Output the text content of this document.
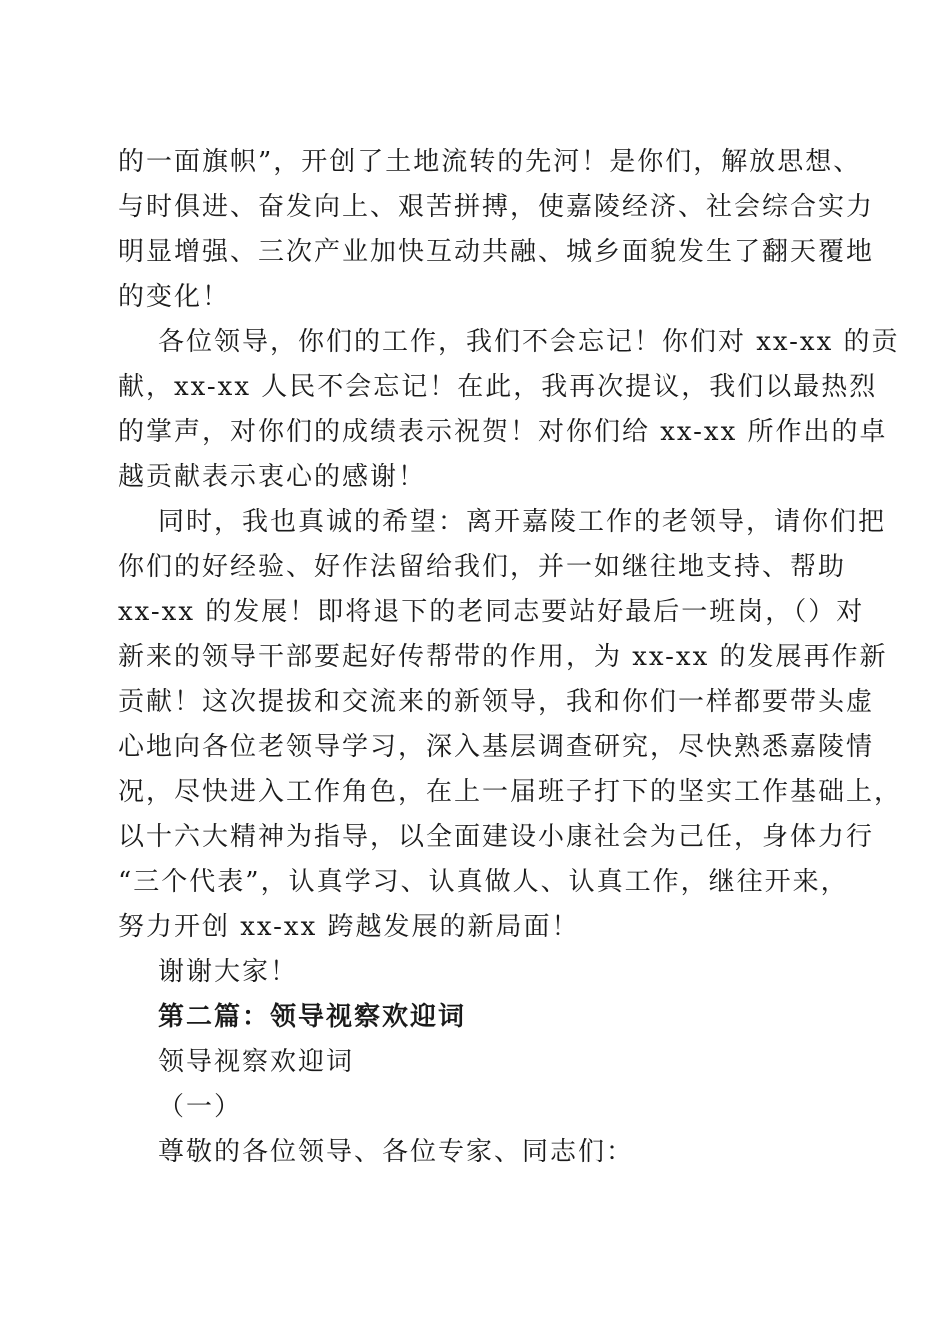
的一面旗帜”，开创了土地流转的先河！是你们，解放思想、
与时俱进、奋发向上、艰苦拼搏，使嘉陵经济、社会综合实力
明显增强、三次产业加快互动共融、城乡面貌发生了翻天覆地
的变化！
各位领导，你们的工作，我们不会忘记！你们对 xx-xx 的贡
献，xx-xx 人民不会忘记！在此，我再次提议，我们以最热烈
的掌声，对你们的成绩表示祝贺！对你们给 xx-xx 所作出的卓
越贡献表示衷心的感谢！
同时，我也真诚的希望：离开嘉陵工作的老领导，请你们把
你们的好经验、好作法留给我们，并一如继往地支持、帮助
xx-xx 的发展！即将退下的老同志要站好最后一班岗，（）对
新来的领导干部要起好传帮带的作用，为 xx-xx 的发展再作新
贡献！这次提拔和交流来的新领导，我和你们一样都要带头虚
心地向各位老领导学习，深入基层调查研究，尽快熟悉嘉陵情
况，尽快进入工作角色，在上一届班子打下的坚实工作基础上，
以十六大精神为指导，以全面建设小康社会为己任，身体力行
“三个代表”，认真学习、认真做人、认真工作，继往开来，
努力开创 xx-xx 跨越发展的新局面！
谢谢大家！
第二篇：领导视察欢迎词
领导视察欢迎词
（一）
尊敬的各位领导、各位专家、同志们：
